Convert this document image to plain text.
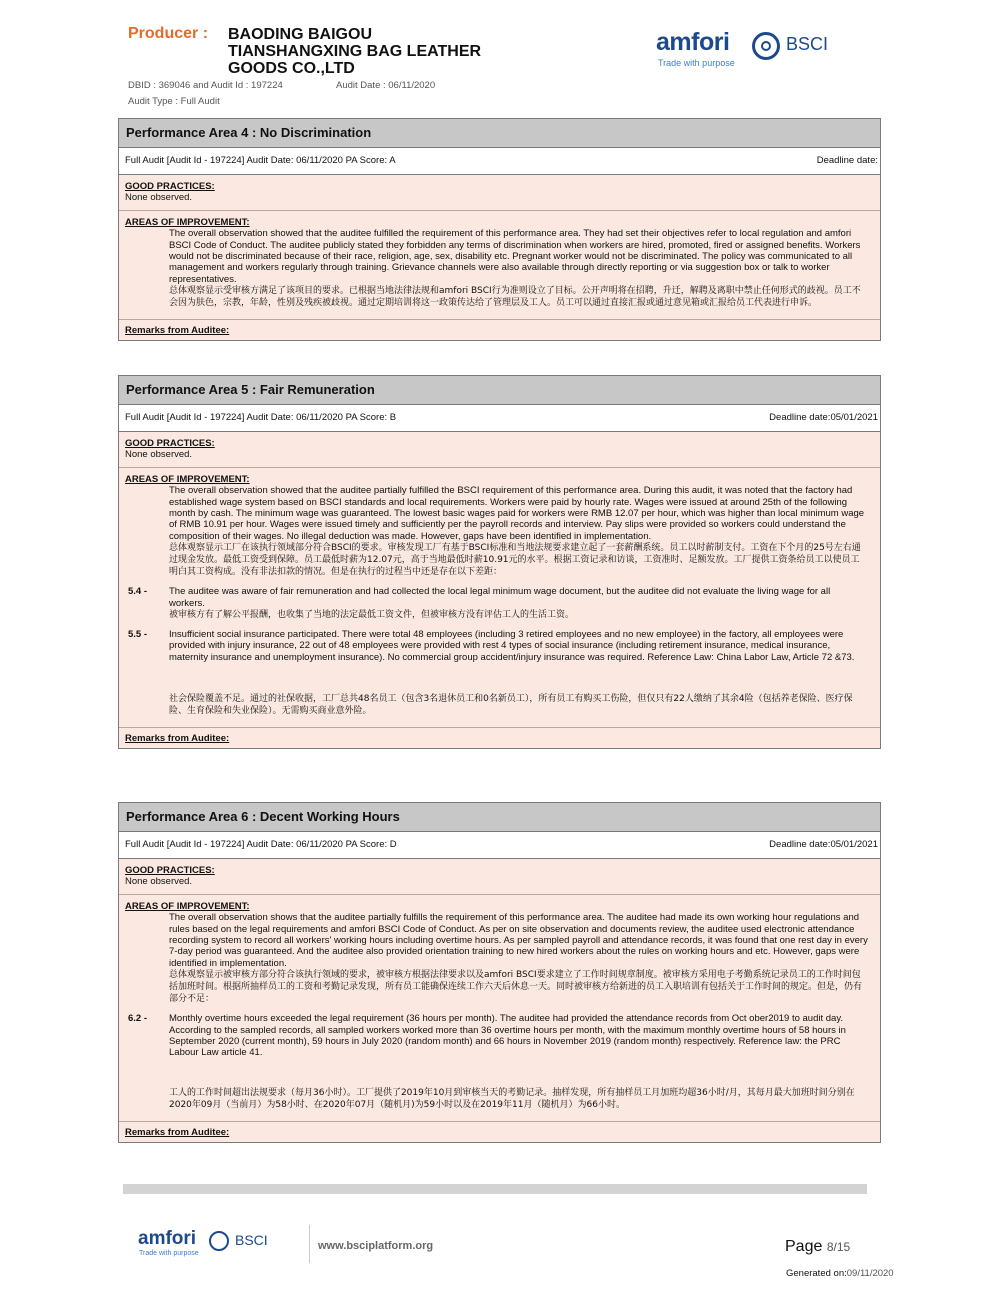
Producer : BAODING BAIGOU
TIANSHANGXING BAG LEATHER
GOODS CO.,LTD
DBID : 369046 and Audit Id : 197224	Audit Date : 06/11/2020
Audit Type : Full Audit
amfori	BSCI
Trade with purpose
Performance Area 4 : No Discrimination
Full Audit [Audit Id - 197224] Audit Date: 06/11/2020 PA Score: A	Deadline date:
GOOD PRACTICES:
None observed.
AREAS OF IMPROVEMENT:
The overall observation showed that the auditee fulfilled the requirement of this performance area. They had set their objectives refer to local regulation and amfori BSCI Code of Conduct. The auditee publicly stated they forbidden any terms of discrimination when workers are hired, promoted, fired or assigned benefits. Workers would not be discriminated because of their race, religion, age, sex, disability etc. Pregnant worker would not be discriminated. The policy was communicated to all management and workers regularly through training. Grievance channels were also available through directly reporting or via suggestion box or talk to worker representatives.
总体观察显示受审核方满足了该项目的要求。已根据当地法律法规和amfori BSCI行为准则设立了目标。公开声明将在招聘，升迁，解聘及离职中禁止任何形式的歧视。员工不会因为肤色，宗教，年龄，性别及残疾被歧视。通过定期培训将这一政策传达给了管理层及工人。员工可以通过直接汇报或通过意见箱或汇报给员工代表进行申诉。
Remarks from Auditee:
Performance Area 5 : Fair Remuneration
Full Audit [Audit Id - 197224] Audit Date: 06/11/2020 PA Score: B	Deadline date:05/01/2021
GOOD PRACTICES:
None observed.
AREAS OF IMPROVEMENT:
The overall observation showed that the auditee partially fulfilled the BSCI requirement of this performance area. During this audit, it was noted that the factory had established wage system based on BSCI standards and local requirements. Workers were paid by hourly rate. Wages were issued at around 25th of the following month by cash. The minimum wage was guaranteed. The lowest basic wages paid for workers were RMB 12.07 per hour, which was higher than local minimum wage of RMB 10.91 per hour. Wages were issued timely and sufficiently per the payroll records and interview. Pay slips were provided so workers could understand the composition of their wages. No illegal deduction was made. However, gaps have been identified in implementation.
总体观察显示工厂在该执行领域部分符合BSCI的要求。审核发现工厂有基于BSCI标准和当地法规要求建立起了一套薪酬系统。员工以时薪制支付。工资在下个月的25号左右通过现金发放。最低工资受到保障。员工最低时薪为12.07元，高于当地最低时薪10.91元的水平。根据工资记录和访谈，工资准时、足额发放。工厂提供工资条给员工以使员工明白其工资构成。没有非法扣款的情况。但是在执行的过程当中还是存在以下差距：
5.4 - The auditee was aware of fair remuneration and had collected the local legal minimum wage document, but the auditee did not evaluate the living wage for all workers.
被审核方有了解公平报酬，也收集了当地的法定最低工资文件，但被审核方没有评估工人的生活工资。
5.5 - Insufficient social insurance participated. There were total 48 employees (including 3 retired employees and no new employee) in the factory, all employees were provided with injury insurance, 22 out of 48 employees were provided with rest 4 types of social insurance (including retirement insurance, medical insurance, maternity insurance and unemployment insurance). No commercial group accident/injury insurance was required. Reference Law: China Labor Law, Article 72 &73.
社会保险覆盖不足。通过的社保收据，工厂总共48名员工（包含3名退休员工和0名新员工），所有员工有购买工伤险，但仅只有22人缴纳了其余4险（包括养老保险、医疗保险、生育保险和失业保险）。无需购买商业意外险。
Remarks from Auditee:
Performance Area 6 : Decent Working Hours
Full Audit [Audit Id - 197224] Audit Date: 06/11/2020 PA Score: D	Deadline date:05/01/2021
GOOD PRACTICES:
None observed.
AREAS OF IMPROVEMENT:
The overall observation shows that the auditee partially fulfills the requirement of this performance area. The auditee had made its own working hour regulations and rules based on the legal requirements and amfori BSCI Code of Conduct. As per on site observation and documents review, the auditee used electronic attendance recording system to record all workers' working hours including overtime hours. As per sampled payroll and attendance records, it was found that one rest day in every 7-day period was guaranteed. And the auditee also provided orientation training to new hired workers about the rules on working hours and etc. However, gaps were identified in implementation.
总体观察显示被审核方部分符合该执行领域的要求，被审核方根据法律要求以及amfori BSCI要求建立了工作时间规章制度。被审核方采用电子考勤系统记录员工的工作时间包括加班时间。根据所抽样员工的工资和考勤记录发现，所有员工能确保连续工作六天后休息一天。同时被审核方给新进的员工入职培训有包括关于工作时间的规定。但是，仍有部分不足：
6.2 - Monthly overtime hours exceeded the legal requirement (36 hours per month). The auditee had provided the attendance records from Oct ober2019 to audit day. According to the sampled records, all sampled workers worked more than 36 overtime hours per month, with the maximum monthly overtime hours of 58 hours in September 2020 (current month), 59 hours in July 2020 (random month) and 66 hours in November 2019 (random month) respectively. Reference law: the PRC Labour Law article 41.
工人的工作时间超出法规要求（每月36小时）。工厂提供了2019年10月到审核当天的考勤记录。抽样发现，所有抽样员工月加班均超36小时/月，其每月最大加班时间分别在2020年09月（当前月）为58小时、在2020年07月（随机月)为59小时以及在2019年11月（随机月）为66小时。
Remarks from Auditee:
amfori	BSCI
Trade with purpose
www.bsciplatform.org	Page 8/15
Generated on:09/11/2020
